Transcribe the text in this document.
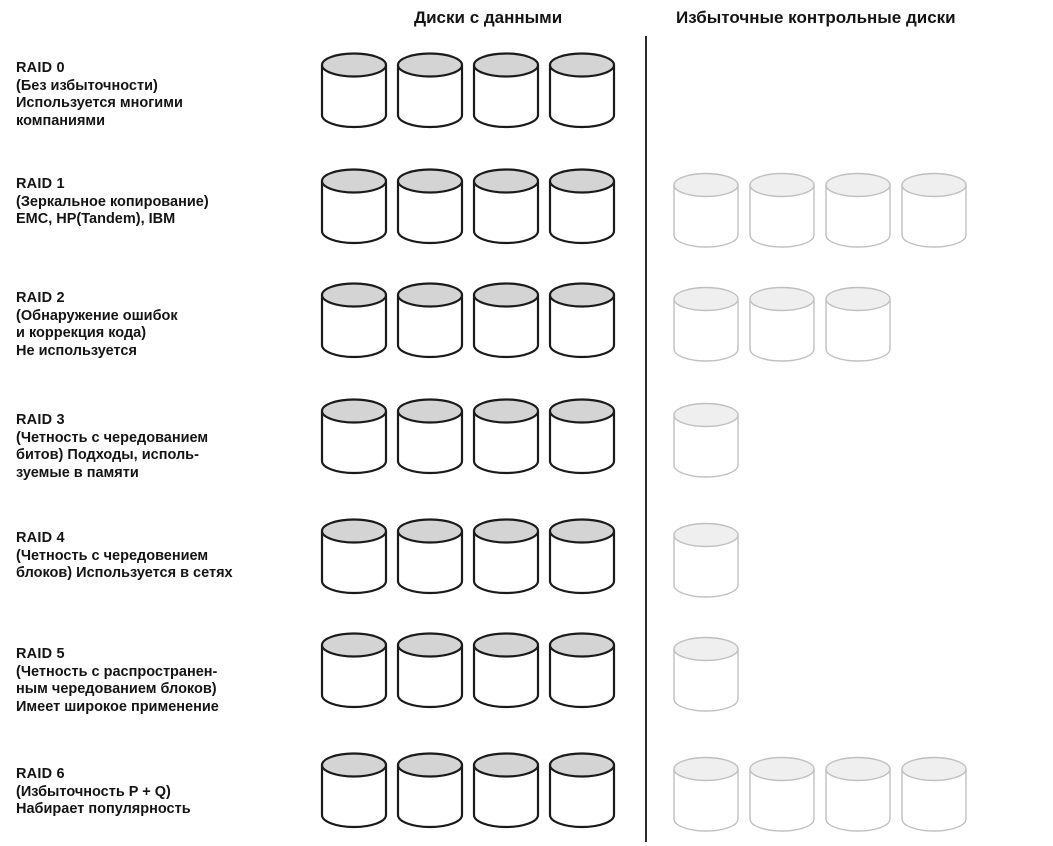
Диски с данными	Избыточные контрольные диски
RAID 0
(Без избыточности)
Используется многими
компаниями
RAID 1
(Зеркальное копирование)
EMC, HP(Tandem), IBM
RAID 2
(Обнаружение ошибок
и коррекция кода)
Не используется
RAID 3
(Четность с чередованием
битов) Подходы, исполь-
зуемые в памяти
RAID 4
(Четность с чередовением
блоков) Используется в сетях
RAID 5
(Четность с распространен-
ным чередованием блоков)
Имеет широкое применение
RAID 6
(Избыточность P + Q)
Набирает популярность
